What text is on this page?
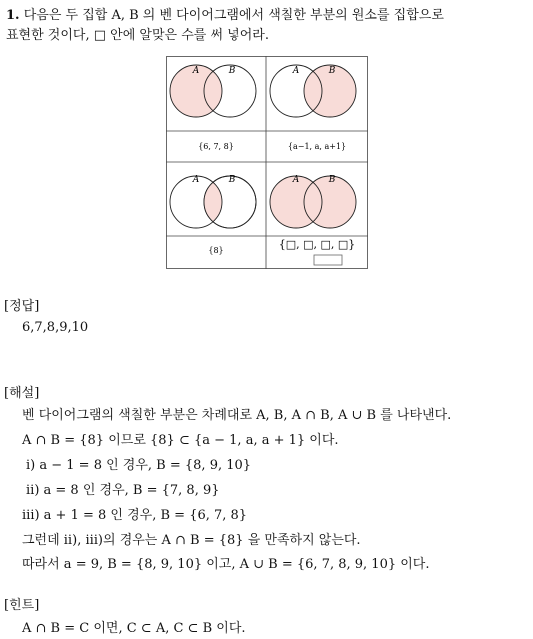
1. 다음은 두 집합 A, B 의 벤 다이어그램에서 색칠한 부분의 원소를 집합으로
표현한 것이다, □ 안에 알맞은 수를 써 넣어라.
A	B	A	B
{6, 7, 8}	{a−1, a, a+1}
A	B	A	B
{8}	{□, □, □, □}
[정답]
6,7,8,9,10
[해설]
벤 다이어그램의 색칠한 부분은 차례대로 A, B, A ∩ B, A ∪ B 를 나타낸다.
A ∩ B = {8} 이므로 {8} ⊂ {a − 1, a, a + 1} 이다.
ⅰ) a − 1 = 8 인 경우, B = {8, 9, 10}
ⅱ) a = 8 인 경우, B = {7, 8, 9}
ⅲ) a + 1 = 8 인 경우, B = {6, 7, 8}
그런데 ⅱ), ⅲ)의 경우는 A ∩ B = {8} 을 만족하지 않는다.
따라서 a = 9, B = {8, 9, 10} 이고, A ∪ B = {6, 7, 8, 9, 10} 이다.
[힌트]
A ∩ B = C 이면, C ⊂ A, C ⊂ B 이다.
